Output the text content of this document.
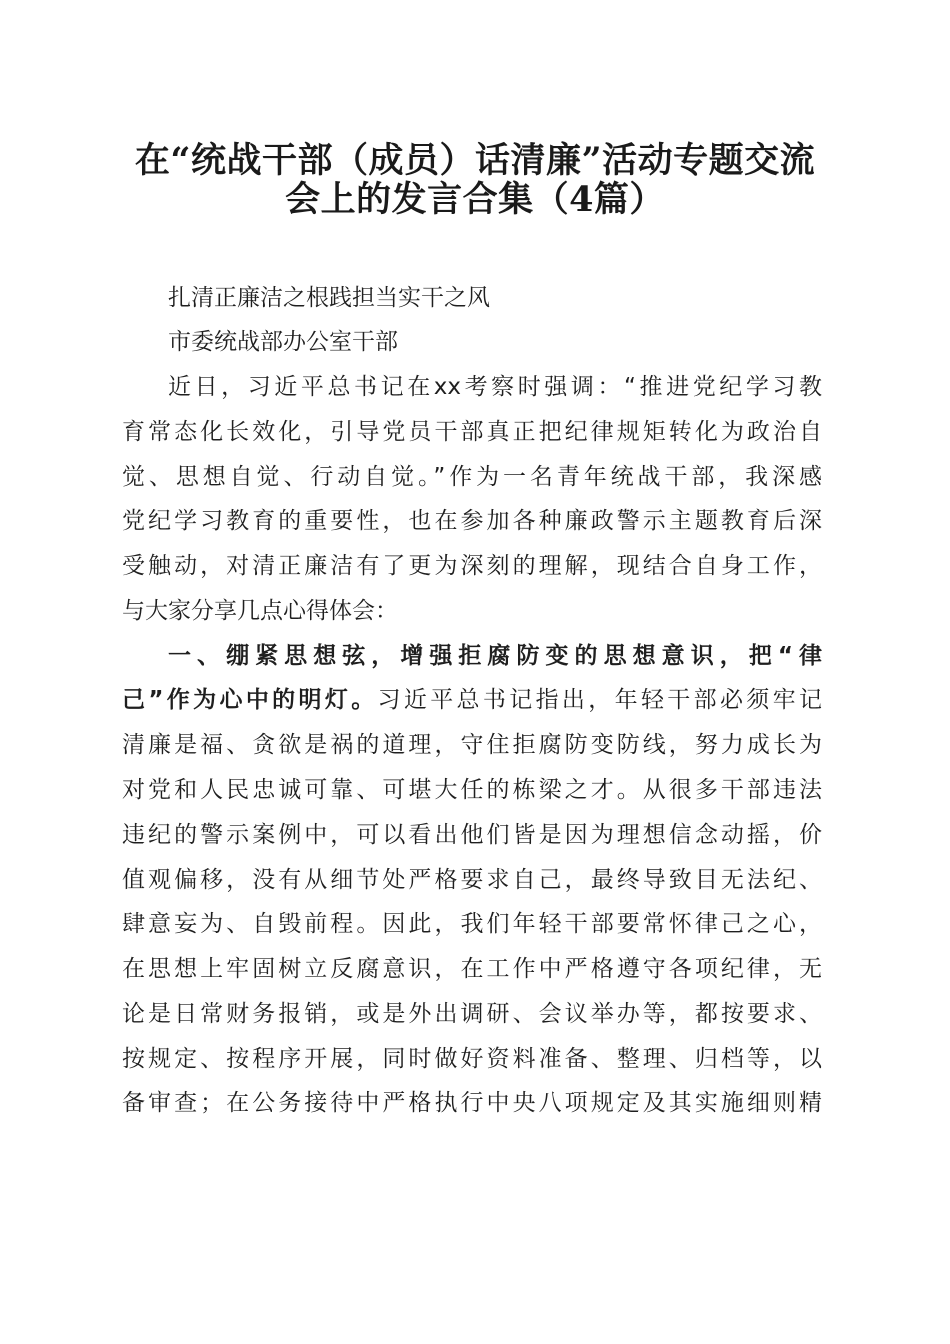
在“统战干部（成员）话清廉”活动专题交流
会上的发言合集（4篇）
扎清正廉洁之根践担当实干之风
市委统战部办公室干部
近日，习近平总书记在xx考察时强调：“推进党纪学习教
育常态化长效化，引导党员干部真正把纪律规矩转化为政治自
觉、思想自觉、行动自觉。”作为一名青年统战干部，我深感
党纪学习教育的重要性，也在参加各种廉政警示主题教育后深
受触动，对清正廉洁有了更为深刻的理解，现结合自身工作，
与大家分享几点心得体会：
一、绷紧思想弦，增强拒腐防变的思想意识，把“律
己”作为心中的明灯。习近平总书记指出，年轻干部必须牢记
清廉是福、贪欲是祸的道理，守住拒腐防变防线，努力成长为
对党和人民忠诚可靠、可堪大任的栋梁之才。从很多干部违法
违纪的警示案例中，可以看出他们皆是因为理想信念动摇，价
值观偏移，没有从细节处严格要求自己，最终导致目无法纪、
肆意妄为、自毁前程。因此，我们年轻干部要常怀律己之心，
在思想上牢固树立反腐意识，在工作中严格遵守各项纪律，无
论是日常财务报销，或是外出调研、会议举办等，都按要求、
按规定、按程序开展，同时做好资料准备、整理、归档等，以
备审查；在公务接待中严格执行中央八项规定及其实施细则精
